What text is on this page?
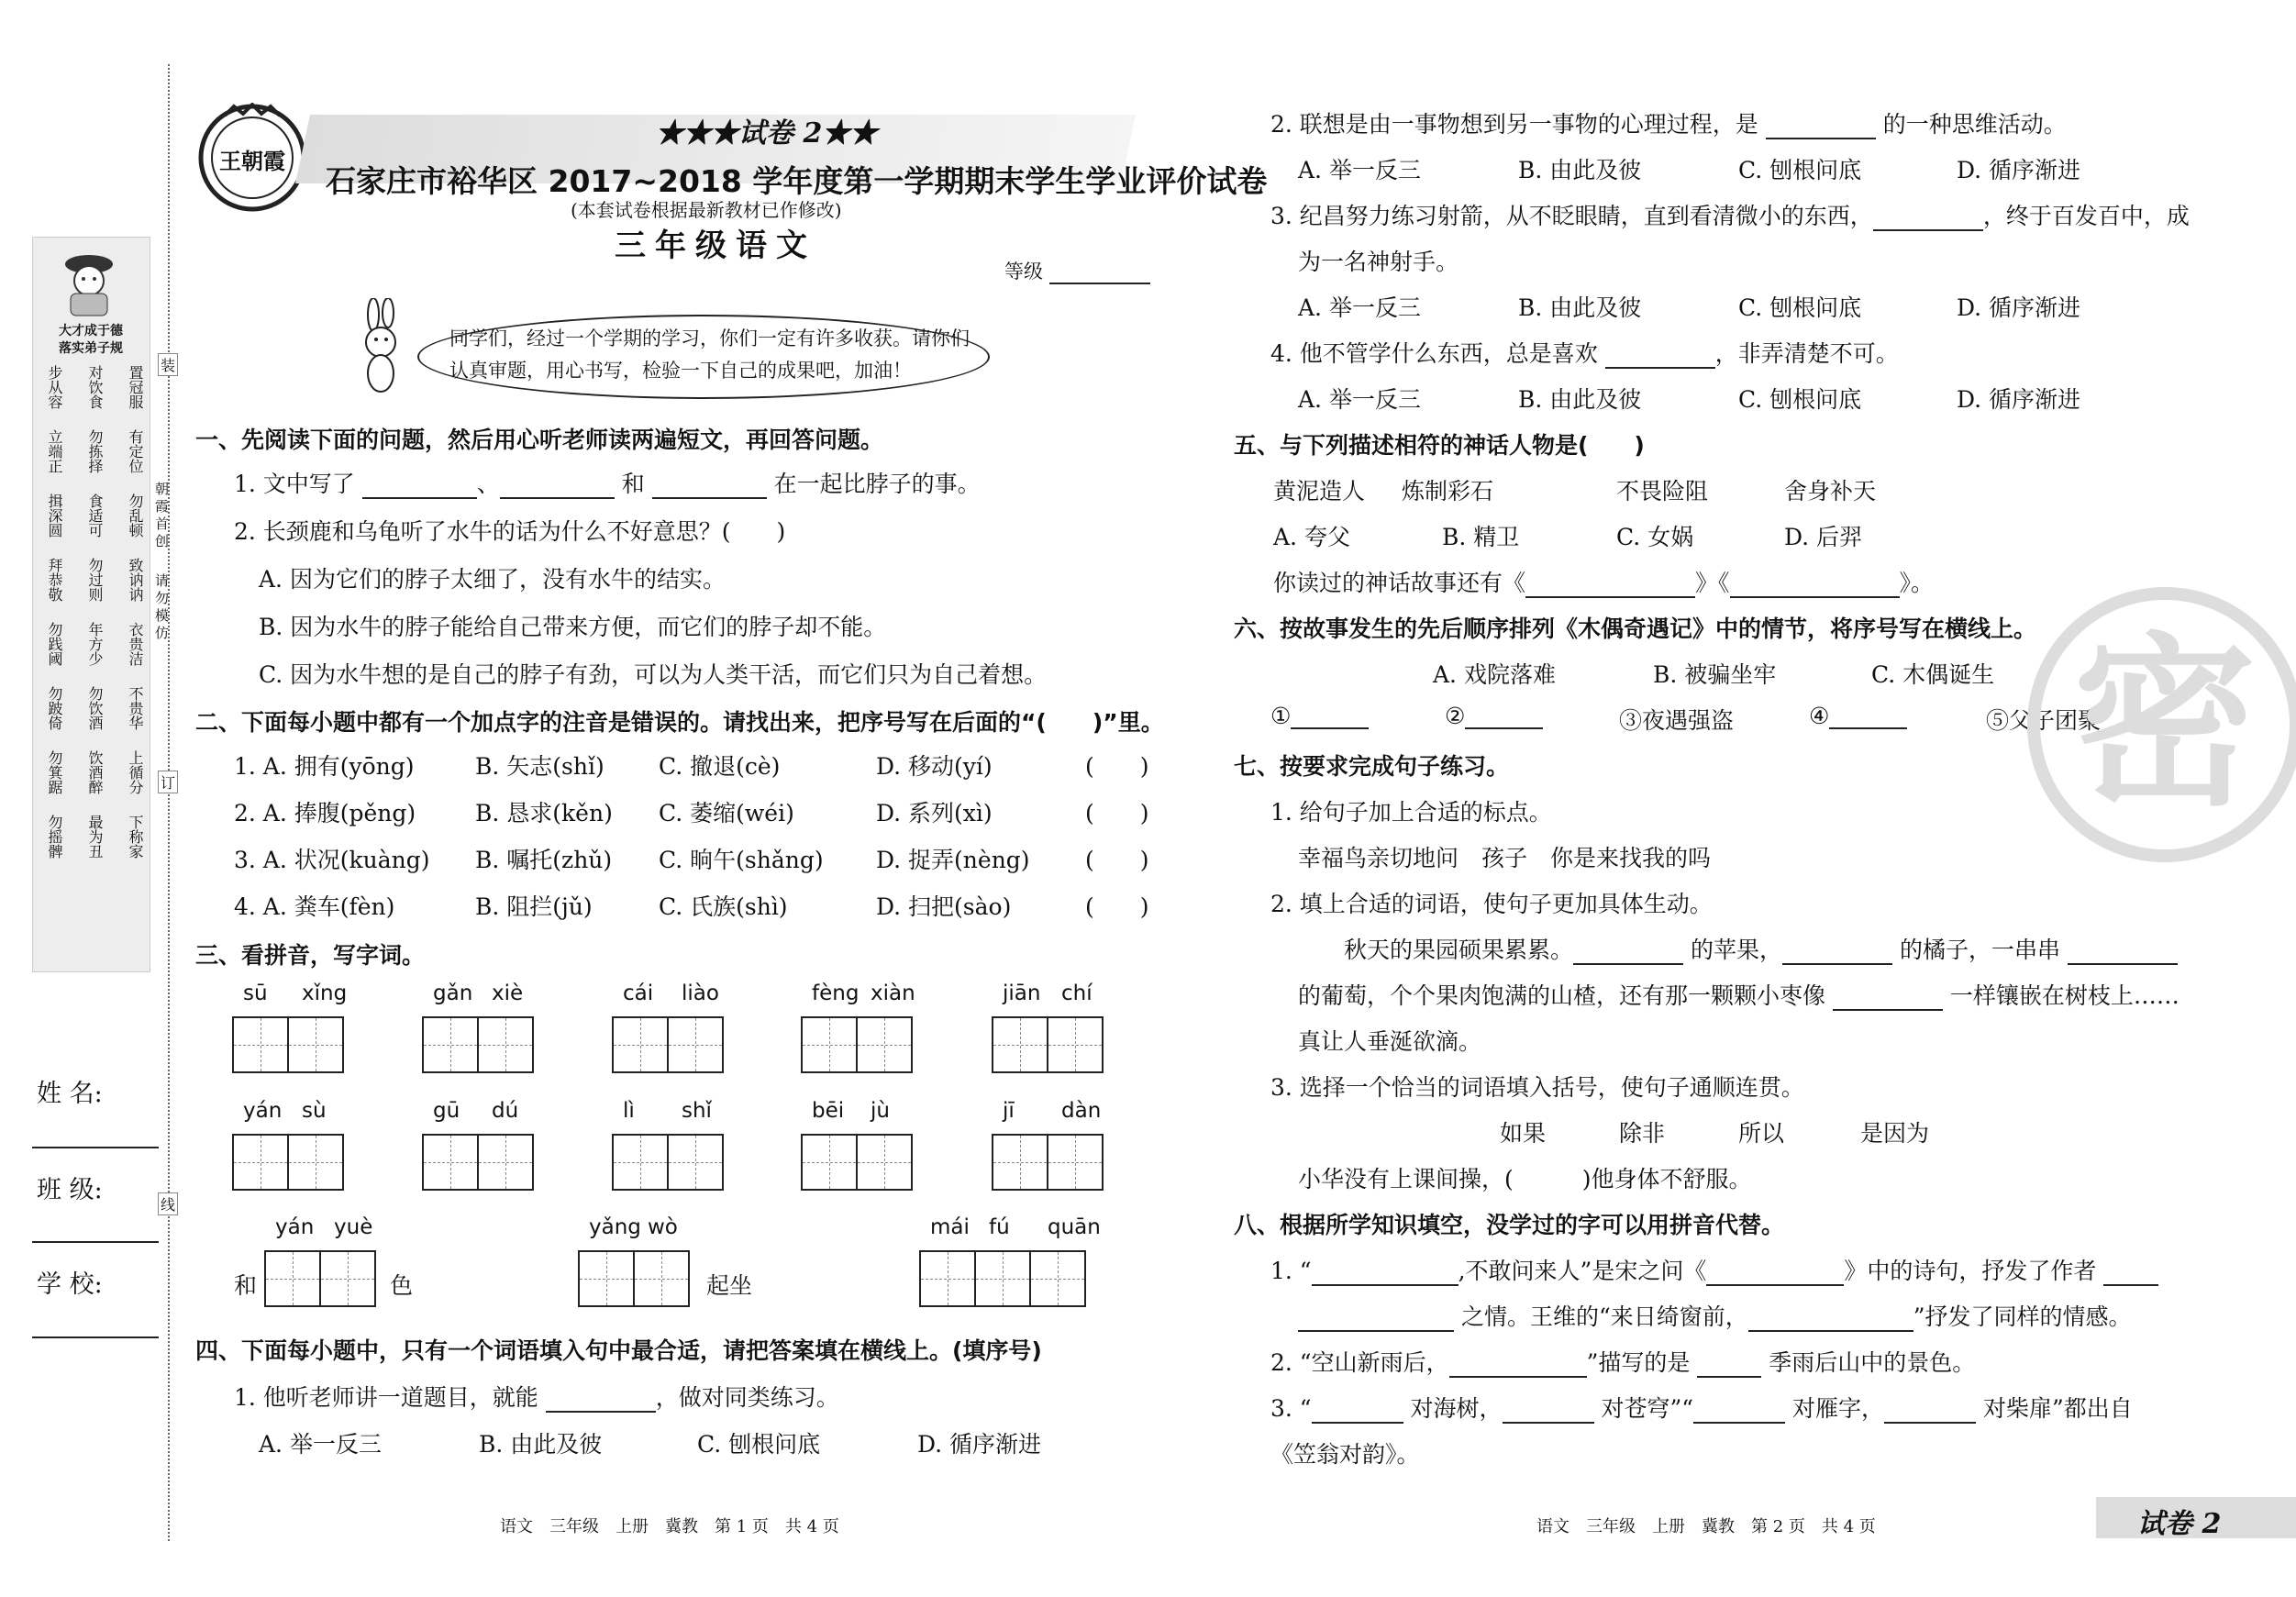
大才成于德
落实弟子规
步从容 对饮食 置冠服
立端正 勿拣择 有定位
揖深圆 食适可 勿乱顿
拜恭敬 勿过则 致讷讷
勿践阈 年方少 衣贵洁
勿跛倚 勿饮酒 不贵华
勿箕踞 饮酒醉 上循分
勿摇髀 最为丑 下称家
姓 名:
班 级:
学 校:
装
订
线
朝霞首创
请勿模仿
王朝霞
★★★试卷 2★★
石家庄市裕华区 2017~2018 学年度第一学期期末学生学业评价试卷
(本套试卷根据最新教材已作修改)
三年级语文
等级
同学们，经过一个学期的学习，你们一定有许多收获。请你们认真审题，用心书写，检验一下自己的成果吧，加油！
一、先阅读下面的问题，然后用心听老师读两遍短文，再回答问题。
1. 文中写了	、	和	在一起比脖子的事。
2. 长颈鹿和乌龟听了水牛的话为什么不好意思？(　　)
A. 因为它们的脖子太细了，没有水牛的结实。
B. 因为水牛的脖子能给自己带来方便，而它们的脖子却不能。
C. 因为水牛想的是自己的脖子有劲，可以为人类干活，而它们只为自己着想。
二、下面每小题中都有一个加点字的注音是错误的。请找出来，把序号写在后面的“(　　)”里。
1. A. 拥有(yōng)	B. 矢志(shǐ) C. 撤退(cè)	D. 移动(yí)	(　　)
2. A. 捧腹(pěng)	B. 恳求(kěn) C. 萎缩(wéi)	D. 系列(xì)	(　　)
3. A. 状况(kuàng) B. 嘱托(zhǔ) C. 晌午(shǎng) D. 捉弄(nèng) (　　)
4. A. 粪车(fèn)	B. 阻拦(jǔ)	C. 氏族(shì)	D. 扫把(sào)	(　　)
三、看拼音，写字词。
sū xǐng	gǎn xiè	cái liào	fèng xiàn	jiān chí
yán sù	gū dú	lì shǐ	bēi jù	jī dàn
yán yuè	yǎng wò	mái fú quān
和	色	起坐
四、下面每小题中，只有一个词语填入句中最合适，请把答案填在横线上。(填序号)
1. 他听老师讲一道题目，就能	，做对同类练习。
A. 举一反三	B. 由此及彼	C. 刨根问底	D. 循序渐进
语文　三年级　上册　冀教　第 1 页　共 4 页
2. 联想是由一事物想到另一事物的心理过程，是	的一种思维活动。
A. 举一反三	B. 由此及彼	C. 刨根问底	D. 循序渐进
3. 纪昌努力练习射箭，从不眨眼睛，直到看清微小的东西，	，终于百发百中，成
为一名神射手。
A. 举一反三	B. 由此及彼	C. 刨根问底	D. 循序渐进
4. 他不管学什么东西，总是喜欢	，非弄清楚不可。
A. 举一反三	B. 由此及彼	C. 刨根问底	D. 循序渐进
五、与下列描述相符的神话人物是(　　)
黄泥造人 炼制彩石	不畏险阻	舍身补天
A. 夸父	B. 精卫	C. 女娲	D. 后羿
你读过的神话故事还有《	》《	》。
六、按故事发生的先后顺序排列《木偶奇遇记》中的情节，将序号写在横线上。
A. 戏院落难	B. 被骗坐牢	C. 木偶诞生
①	②	③夜遇强盗	④	⑤父子团聚
七、按要求完成句子练习。
1. 给句子加上合适的标点。
幸福鸟亲切地问　孩子　你是来找我的吗
2. 填上合适的词语，使句子更加具体生动。
秋天的果园硕果累累。	的苹果，	的橘子，一串串
的葡萄，个个果肉饱满的山楂，还有那一颗颗小枣像	一样镶嵌在树枝上……
真让人垂涎欲滴。
3. 选择一个恰当的词语填入括号，使句子通顺连贯。
如果	除非	所以	是因为
小华没有上课间操，(　　　)他身体不舒服。
八、根据所学知识填空，没学过的字可以用拼音代替。
1. “	,不敢问来人”是宋之问《	》中的诗句，抒发了作者
之情。王维的“来日绮窗前，	”抒发了同样的情感。
2. “空山新雨后，	”描写的是	季雨后山中的景色。
3. “	对海树，	对苍穹”“	对雁字，	对柴扉”都出自
《笠翁对韵》。
语文　三年级　上册　冀教　第 2 页　共 4 页	试卷 2
密
